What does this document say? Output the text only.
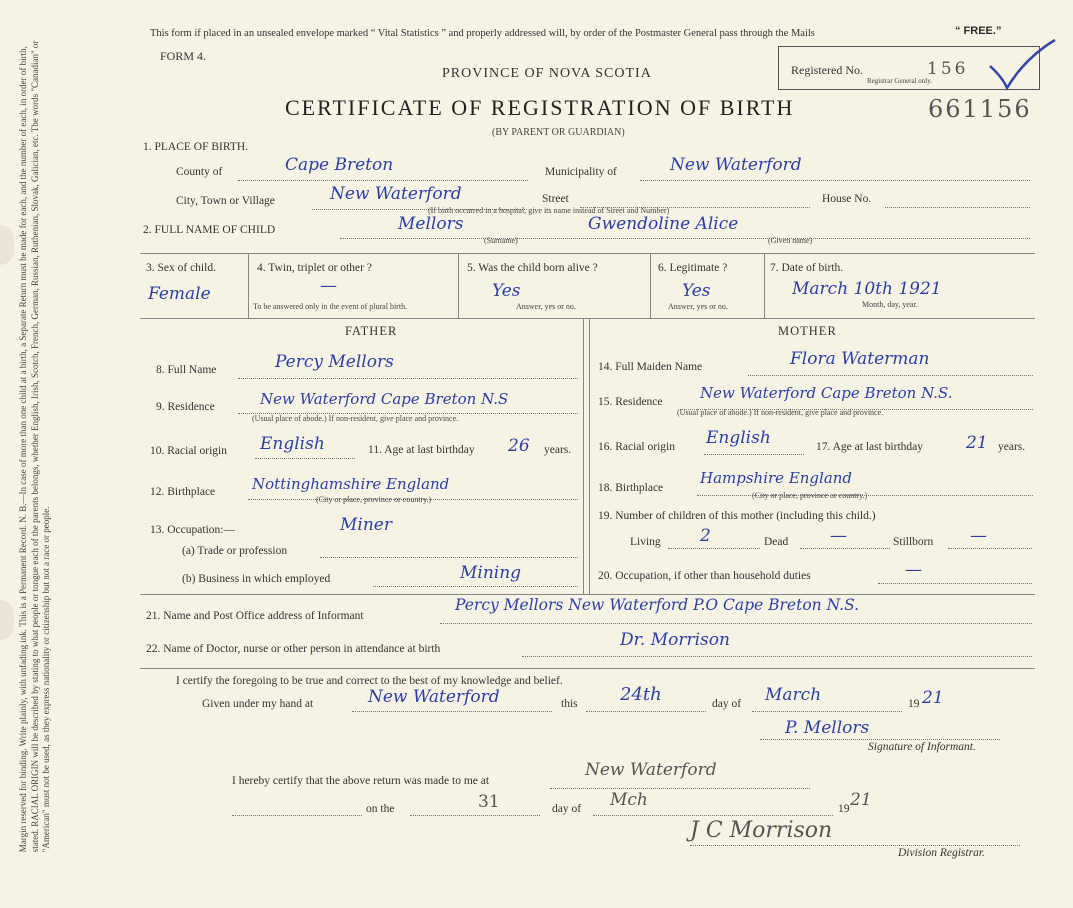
Margin reserved for binding. Write plainly, with unfading ink. This is a Permanent Record. N. B.—In case of more than one child at a birth, a Separate Return must be made for each, and the number of each, in order of birth, stated. RACIAL ORIGIN will be described by stating to what people or tongue each of the parents belongs, whether English, Irish, Scotch, French, German, Russian, Ruthenian, Slovak, Galician, etc. The words "Canadian" or "American" must not be used, as they express nationality or citizenship but not a race or people.
This form if placed in an unsealed envelope marked “ Vital Statistics ” and properly addressed will, by order of the Postmaster General pass through the Mails	“ FREE.”
FORM 4.
PROVINCE OF NOVA SCOTIA
CERTIFICATE OF REGISTRATION OF BIRTH
(BY PARENT OR GUARDIAN)
Registered No.
Registrar General only.
156
661156
1. PLACE OF BIRTH.
County of	Cape Breton	Municipality of	New Waterford
City, Town or Village	New Waterford	Street	House No.
(If birth occurred in a hospital, give its name instead of Street and Number)
2. FULL NAME OF CHILD	Mellors	Gwendoline Alice
(Surname)	(Given name)
3. Sex of child.
Female
4. Twin, triplet or other ?
—
To be answered only in the event of plural birth.
5. Was the child born alive ?
Yes
Answer, yes or no.
6. Legitimate ?
Yes
Answer, yes or no.
7. Date of birth.
March 10th 1921
Month, day, year.
FATHER	MOTHER
8. Full Name	Percy Mellors
9. Residence	New Waterford Cape Breton N.S
(Usual place of abode.) If non-resident, give place and province.
10. Racial origin English	11. Age at last birthday 26 years.
12. Birthplace Nottinghamshire England
(City or place, province or country.)
13. Occupation:—	Miner
(a) Trade or profession
(b) Business in which employed	Mining
14. Full Maiden Name	Flora Waterman
15. Residence New Waterford Cape Breton N.S.
(Usual place of abode.) If non-resident, give place and province.
16. Racial origin English	17. Age at last birthday	21 years.
18. Birthplace
Hampshire England
(City or place, province or country.)
19. Number of children of this mother (including this child.)
Living 2	Dead —	Stillborn —
20. Occupation, if other than household duties	—
21. Name and Post Office address of Informant
Percy Mellors New Waterford P.O Cape Breton N.S.
22. Name of Doctor, nurse or other person in attendance at birth	Dr. Morrison
I certify the foregoing to be true and correct to the best of my knowledge and belief.
Given under my hand at	New Waterford	this 24th	day of March	19 21
P. Mellors
Signature of Informant.
I hereby certify that the above return was made to me at
New Waterford
on the	31	day of Mch	19 21
J C Morrison
Division Registrar.
